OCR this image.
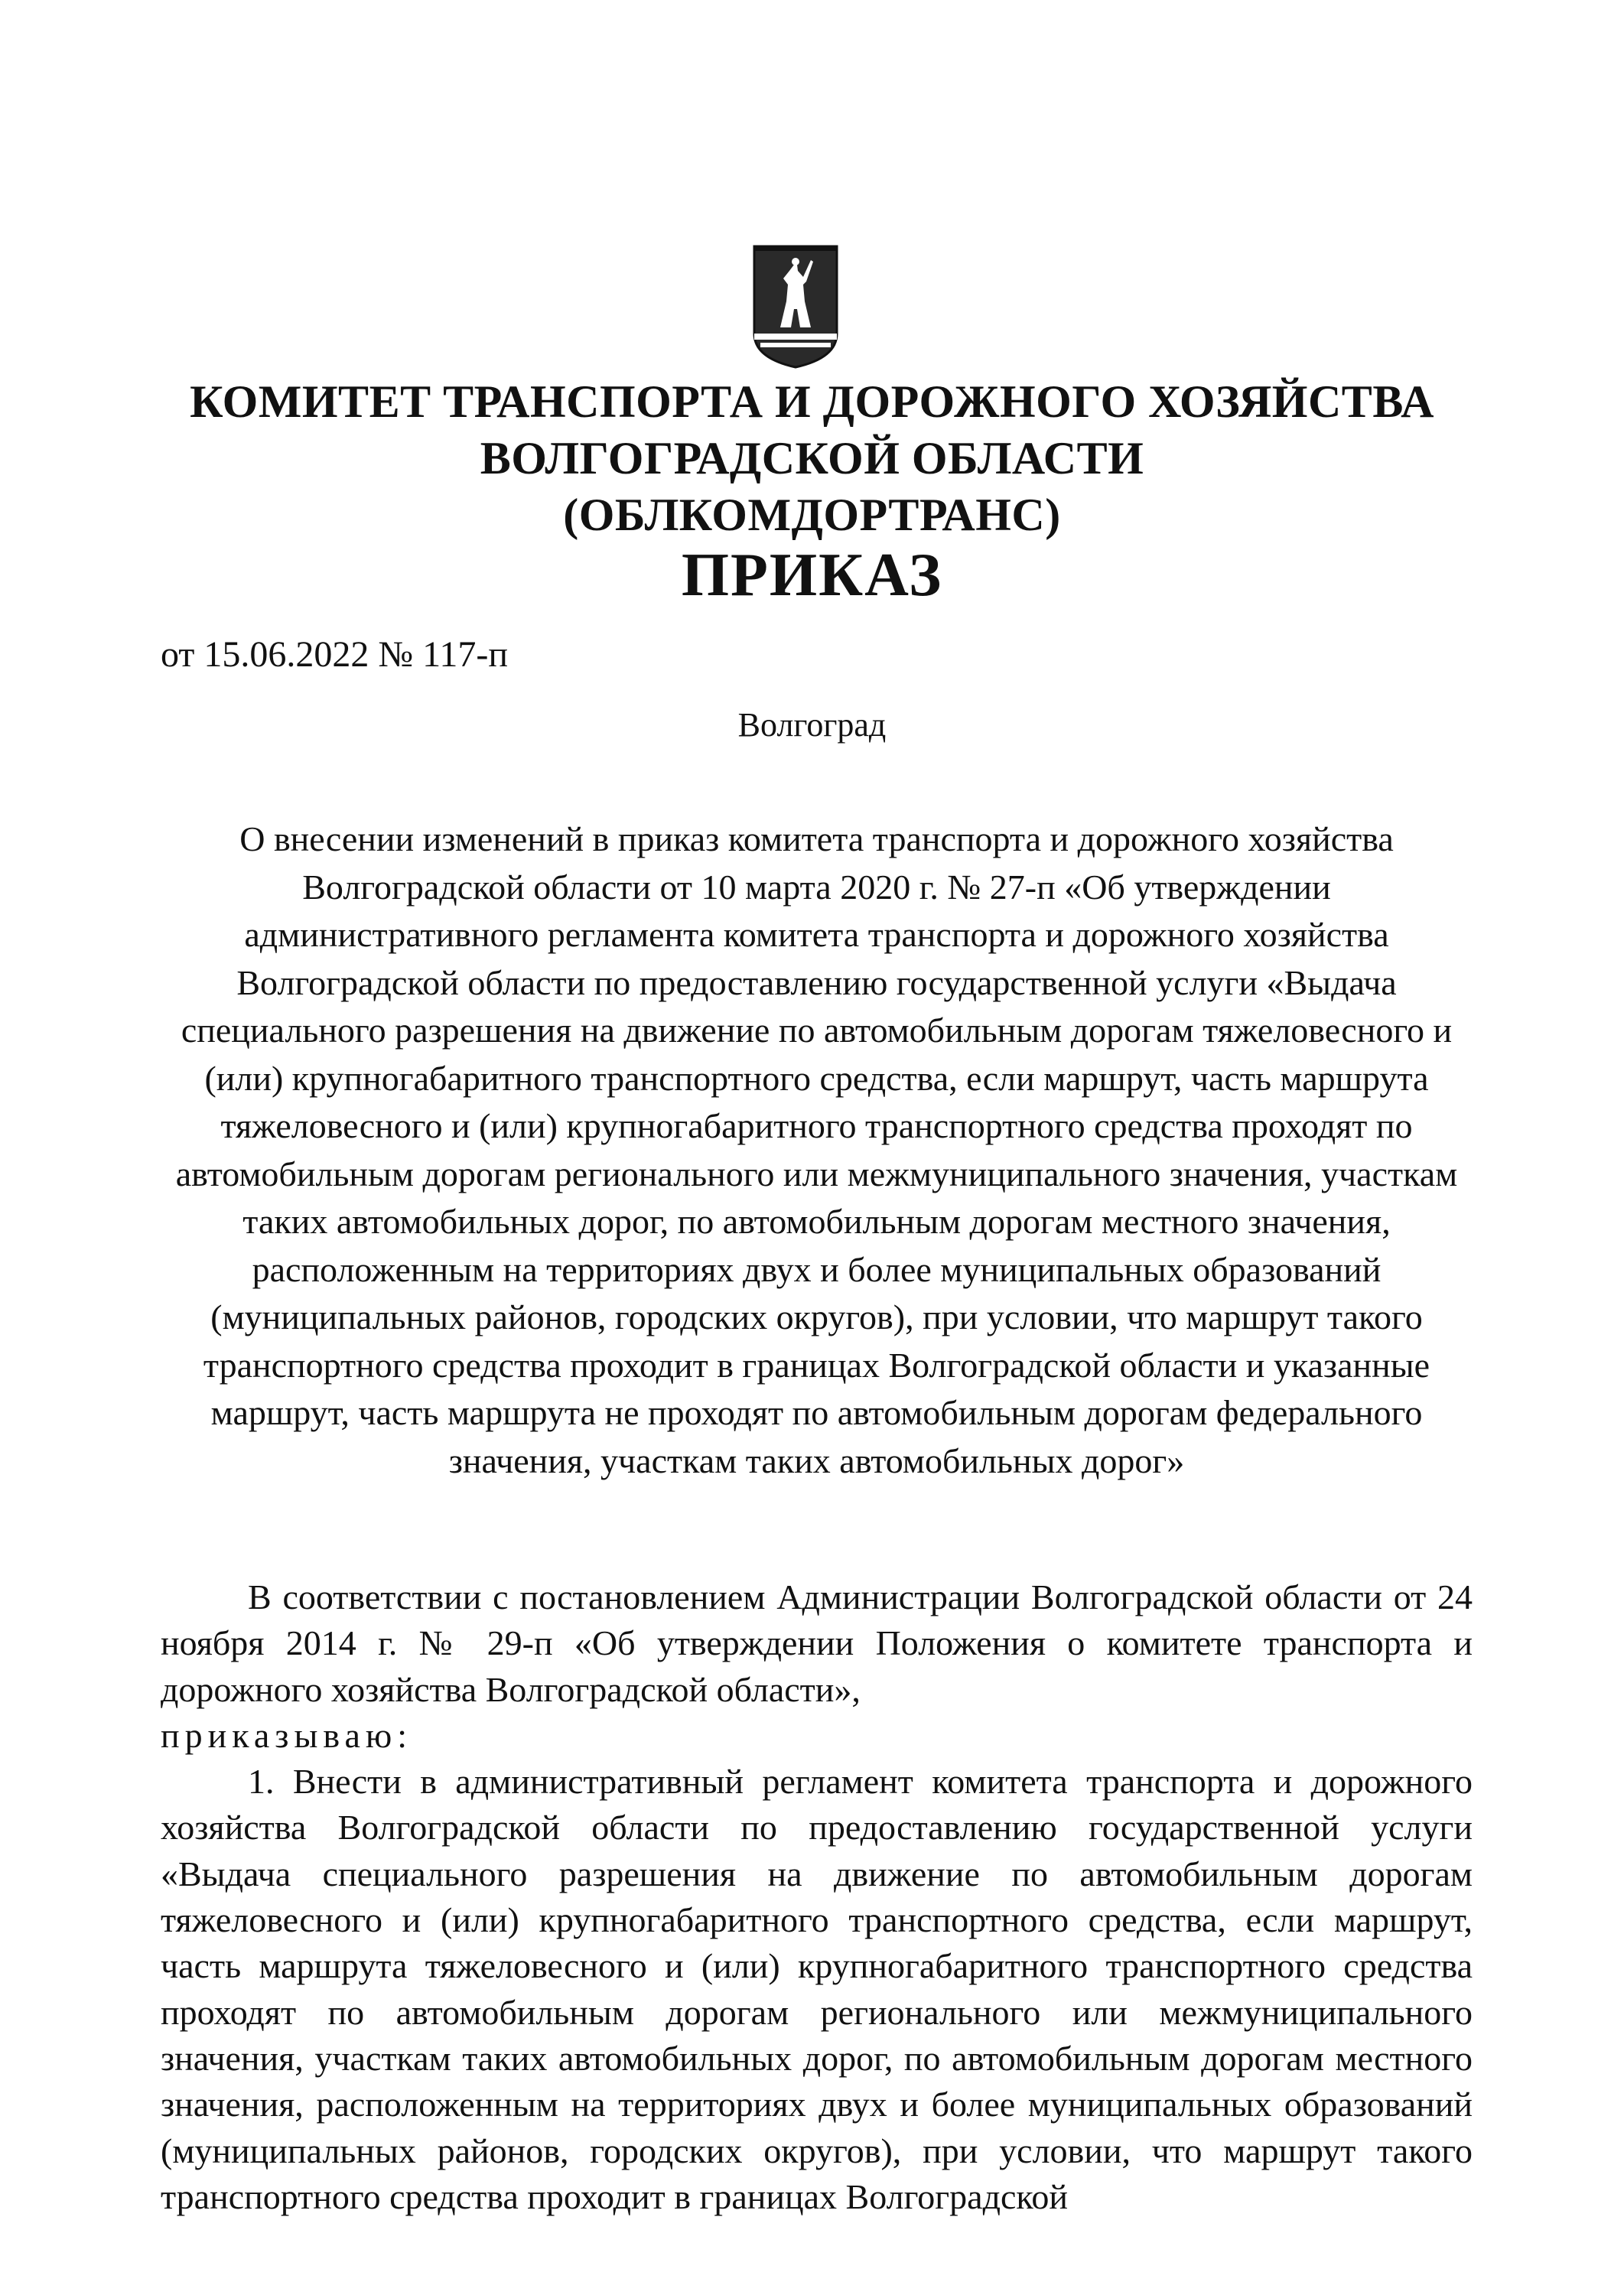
КОМИТЕТ ТРАНСПОРТА И ДОРОЖНОГО ХОЗЯЙСТВА
ВОЛГОГРАДСКОЙ ОБЛАСТИ
(ОБЛКОМДОРТРАНС)
ПРИКАЗ
от 15.06.2022 № 117-п
Волгоград
О внесении изменений в приказ комитета транспорта и дорожного хозяйства Волгоградской области от 10 марта 2020 г. № 27-п «Об утверждении административного регламента комитета транспорта и дорожного хозяйства Волгоградской области по предоставлению государственной услуги «Выдача специального разрешения на движение по автомобильным дорогам тяжеловесного и (или) крупногабаритного транспортного средства, если маршрут, часть маршрута тяжеловесного и (или) крупногабаритного транспортного средства проходят по автомобильным дорогам регионального или межмуниципального значения, участкам таких автомобильных дорог, по автомобильным дорогам местного значения, расположенным на территориях двух и более муниципальных образований (муниципальных районов, городских округов), при условии, что маршрут такого транспортного средства проходит в границах Волгоградской области и указанные маршрут, часть маршрута не проходят по автомобильным дорогам федерального значения, участкам таких автомобильных дорог»

В соответствии с постановлением Администрации Волгоградской области от 24 ноября 2014 г. № 29-п «Об утверждении Положения о комитете транспорта и дорожного хозяйства Волгоградской области»,

приказываю:

1. Внести в административный регламент комитета транспорта и дорожного хозяйства Волгоградской области по предоставлению государственной услуги «Выдача специального разрешения на движение по автомобильным дорогам тяжеловесного и (или) крупногабаритного транспортного средства, если маршрут, часть маршрута тяжеловесного и (или) крупногабаритного транспортного средства проходят по автомобильным дорогам регионального или межмуниципального значения, участкам таких автомобильных дорог, по автомобильным дорогам местного значения, расположенным на территориях двух и более муниципальных образований (муниципальных районов, городских округов), при условии, что маршрут такого транспортного средства проходит в границах Волгоградской
